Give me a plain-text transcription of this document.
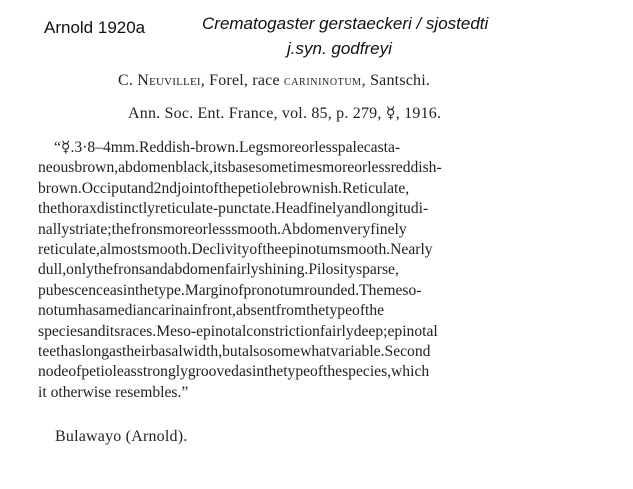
Arnold 1920a	Crematogaster gerstaeckeri / sjostedti
j.syn. godfreyi
C. Neuvillei, Forel, race carininotum, Santschi.
Ann. Soc. Ent. France, vol. 85, p. 279, ☿, 1916.
“☿.3·8–4mm.Reddish-brown.Legsmoreorlesspalecasta-
neousbrown,abdomenblack,itsbasesometimesmoreorlessreddish-
brown.Occiputand2ndjointofthepetiolebrownish.Reticulate,
thethoraxdistinctlyreticulate-punctate.Headfinelyandlongitudi-
nallystriate;thefronsmoreorlesssmooth.Abdomenveryfinely
reticulate,almostsmooth.Declivityoftheepinotumsmooth.Nearly
dull,onlythefronsandabdomenfairlyshining.Pilositysparse,
pubescenceasinthetype.Marginofpronotumrounded.Themeso-
notumhasamediancarinainfront,absentfromthetypeofthe
speciesanditsraces.Meso-epinotalconstrictionfairlydeep;epinotal
teethaslongastheirbasalwidth,butalsosomewhatvariable.Second
nodeofpetioleasstronglygroovedasinthetypeofthespecies,which
it otherwise resembles.”
Bulawayo (Arnold).
